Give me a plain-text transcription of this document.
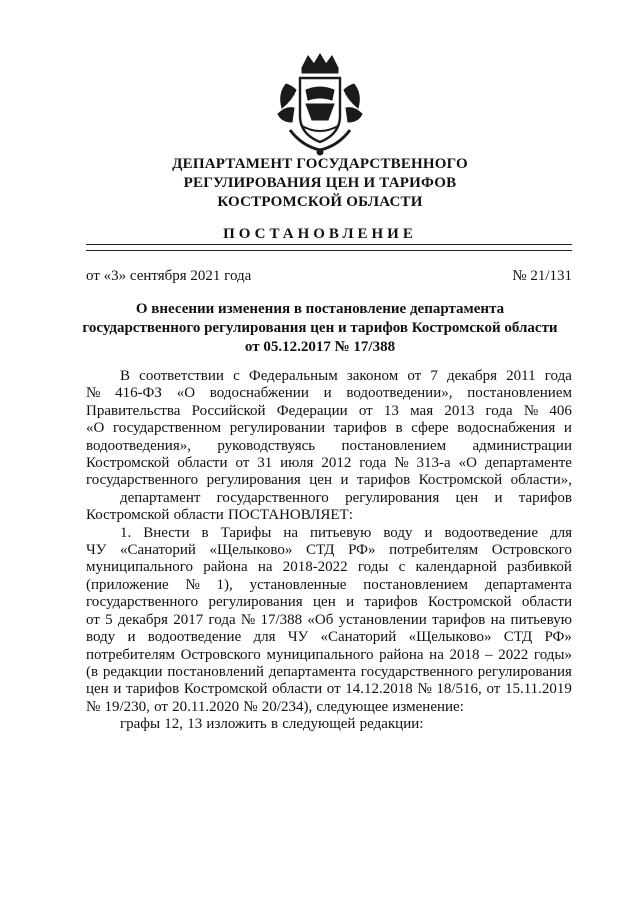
ДЕПАРТАМЕНТ ГОСУДАРСТВЕННОГО
РЕГУЛИРОВАНИЯ ЦЕН И ТАРИФОВ
КОСТРОМСКОЙ ОБЛАСТИ
ПОСТАНОВЛЕНИЕ
от «3» сентября 2021 года	№ 21/131
О внесении изменения в постановление департамента
государственного регулирования цен и тарифов Костромской области
от 05.12.2017 № 17/388
В соответствии с Федеральным законом от 7 декабря 2011 года
№ 416-ФЗ «О водоснабжении и водоотведении», постановлением
Правительства Российской Федерации от 13 мая 2013 года № 406
«О государственном регулировании тарифов в сфере водоснабжения и
водоотведения», руководствуясь постановлением администрации
Костромской области от 31 июля 2012 года № 313-а «О департаменте
государственного регулирования цен и тарифов Костромской области»,
департамент государственного регулирования цен и тарифов
Костромской области ПОСТАНОВЛЯЕТ:
1. Внести в Тарифы на питьевую воду и водоотведение для
ЧУ «Санаторий «Щелыково» СТД РФ» потребителям Островского
муниципального района на 2018-2022 годы с календарной разбивкой
(приложение № 1), установленные постановлением департамента
государственного регулирования цен и тарифов Костромской области
от 5 декабря 2017 года № 17/388 «Об установлении тарифов на питьевую
воду и водоотведение для ЧУ «Санаторий «Щелыково» СТД РФ»
потребителям Островского муниципального района на 2018 – 2022 годы»
(в редакции постановлений департамента государственного регулирования
цен и тарифов Костромской области от 14.12.2018 № 18/516, от 15.11.2019
№ 19/230, от 20.11.2020 № 20/234), следующее изменение:
графы 12, 13 изложить в следующей редакции:
